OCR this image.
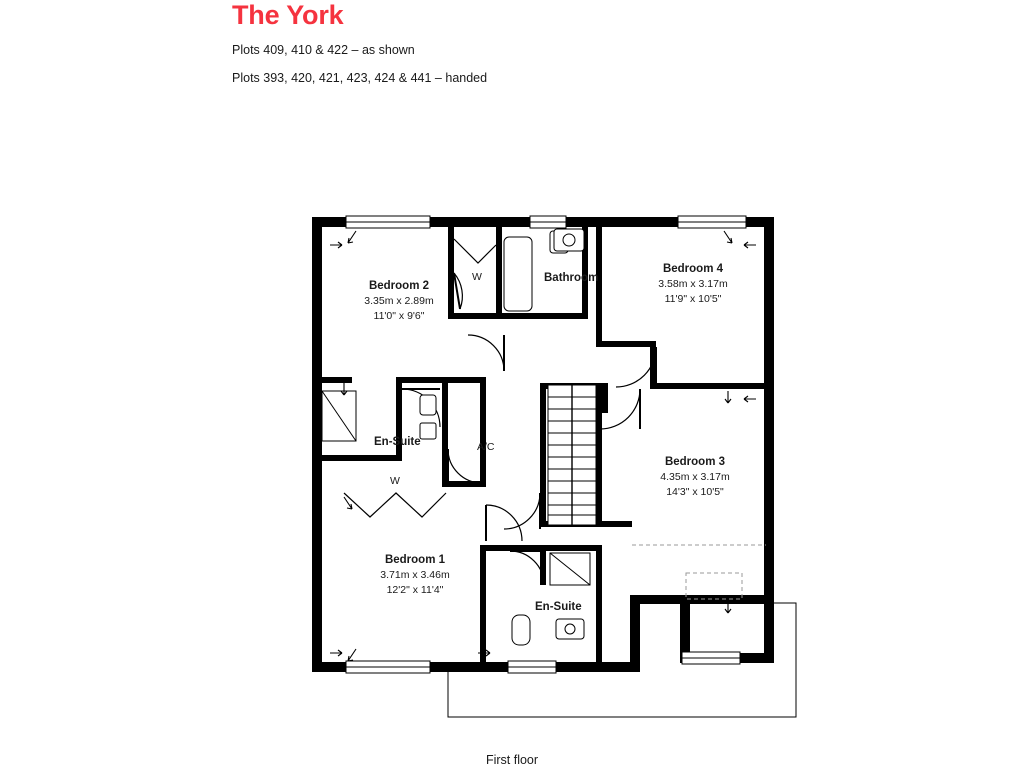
The York
Plots 409, 410 & 422 – as shown
Plots 393, 420, 421, 423, 424 & 441 – handed
Bedroom 2
3.35m x 2.89m
11'0" x 9'6"
Bedroom 4
3.58m x 3.17m
11'9" x 10'5"
Bedroom 3
4.35m x 3.17m
14'3" x 10'5"
Bedroom 1
3.71m x 3.46m
12'2" x 11'4"
Bathroom
En-Suite
En-Suite
A/C
W
W
First floor
